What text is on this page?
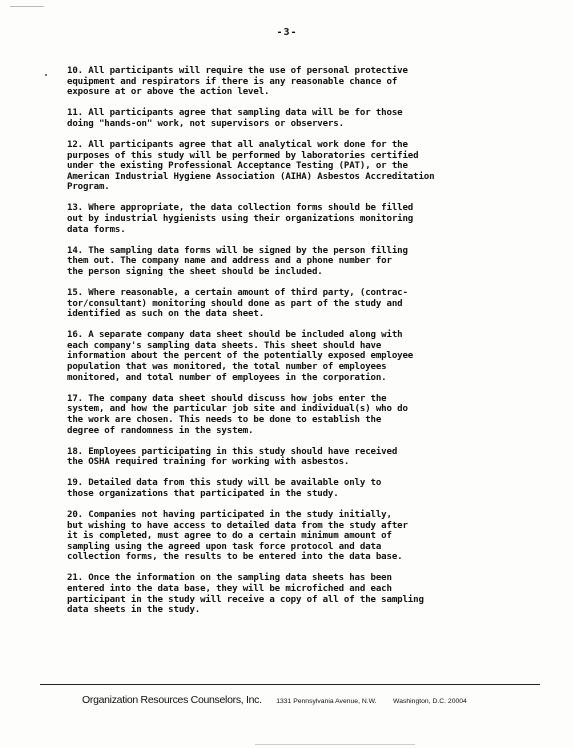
-3-

10. All participants will require the use of personal protective
equipment and respirators if there is any reasonable chance of
exposure at or above the action level.

11. All participants agree that sampling data will be for those
doing "hands-on" work, not supervisors or observers.

12. All participants agree that all analytical work done for the
purposes of this study will be performed by laboratories certified
under the existing Professional Acceptance Testing (PAT), or the
American Industrial Hygiene Association (AIHA) Asbestos Accreditation
Program.

13. Where appropriate, the data collection forms should be filled
out by industrial hygienists using their organizations monitoring
data forms.

14. The sampling data forms will be signed by the person filling
them out. The company name and address and a phone number for
the person signing the sheet should be included.

15. Where reasonable, a certain amount of third party, (contrac-
tor/consultant) monitoring should done as part of the study and
identified as such on the data sheet.

16. A separate company data sheet should be included along with
each company's sampling data sheets. This sheet should have
information about the percent of the potentially exposed employee
population that was monitored, the total number of employees
monitored, and total number of employees in the corporation.

17. The company data sheet should discuss how jobs enter the
system, and how the particular job site and individual(s) who do
the work are chosen. This needs to be done to establish the
degree of randomness in the system.

18. Employees participating in this study should have received
the OSHA required training for working with asbestos.

19. Detailed data from this study will be available only to
those organizations that participated in the study.

20. Companies not having participated in the study initially,
but wishing to have access to detailed data from the study after
it is completed, must agree to do a certain minimum amount of
sampling using the agreed upon task force protocol and data
collection forms, the results to be entered into the data base.

21. Once the information on the sampling data sheets has been
entered into the data base, they will be microfiched and each
participant in the study will receive a copy of all of the sampling
data sheets in the study.

Organization Resources Counselors, Inc. 1331 Pennsylvania Avenue, N.W. Washington, D.C. 20004
